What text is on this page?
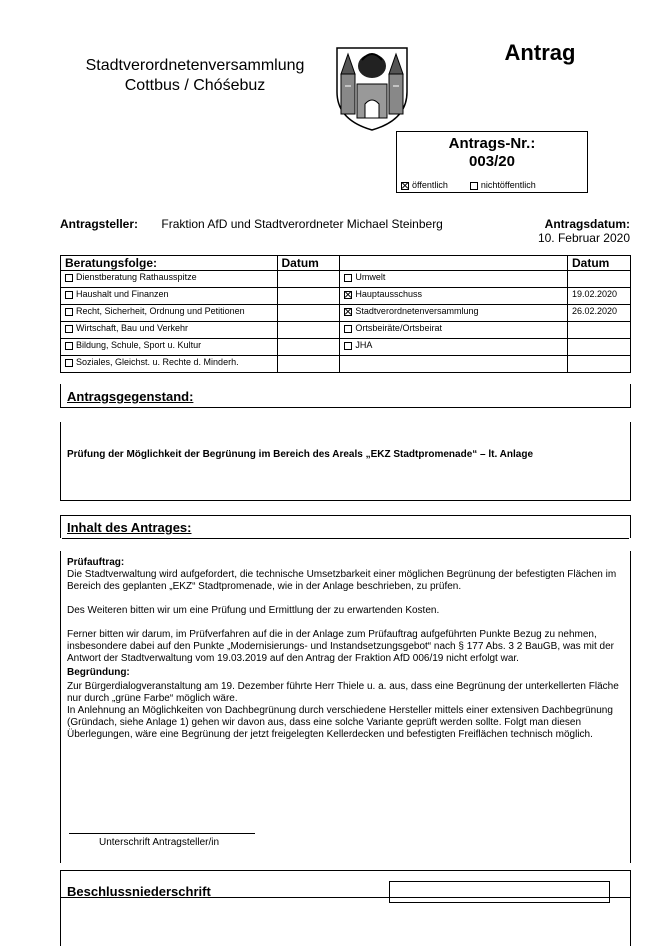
Stadtverordnetenversammlung
Cottbus / Chóśebuz
Antrag
Antrags-Nr.:
003/20
öffentlich	nichtöffentlich
Antragsteller: Fraktion AfD und Stadtverordneter Michael Steinberg	Antragsdatum:
10. Februar 2020
Beratungsfolge:	Datum		Datum
Dienstberatung Rathausspitze		Umwelt	
Haushalt und Finanzen		Hauptausschuss	19.02.2020
Recht, Sicherheit, Ordnung und Petitionen		Stadtverordnetenversammlung	26.02.2020
Wirtschaft, Bau und Verkehr		Ortsbeiräte/Ortsbeirat	
Bildung, Schule, Sport u. Kultur		JHA	
Soziales, Gleichst. u. Rechte d. Minderh.			
Antragsgegenstand:
Prüfung der Möglichkeit der Begrünung im Bereich des Areals „EKZ Stadtpromenade“ – lt. Anlage
Inhalt des Antrages:
Prüfauftrag:

Die Stadtverwaltung wird aufgefordert, die technische Umsetzbarkeit einer möglichen Begrünung der befestigten Flächen im Bereich des geplanten „EKZ“ Stadtpromenade, wie in der Anlage beschrieben, zu prüfen.

Des Weiteren bitten wir um eine Prüfung und Ermittlung der zu erwartenden Kosten.

Ferner bitten wir darum, im Prüfverfahren auf die in der Anlage zum Prüfauftrag aufgeführten Punkte Bezug zu nehmen, insbesondere dabei auf den Punkte „Modernisierungs- und Instandsetzungsgebot“ nach § 177 Abs. 3 2 BauGB, was mit der Antwort der Stadtverwaltung vom 19.03.2019 auf den Antrag der Fraktion AfD 006/19 nicht erfolgt war.

Begründung:
Zur Bürgerdialogveranstaltung am 19. Dezember führte Herr Thiele u. a. aus, dass eine Begrünung der unterkellerten Fläche nur durch „grüne Farbe“ möglich wäre.
In Anlehnung an Möglichkeiten von Dachbegrünung durch verschiedene Hersteller mittels einer extensiven Dachbegrünung (Gründach, siehe Anlage 1) gehen wir davon aus, dass eine solche Variante geprüft werden sollte. Folgt man diesen Überlegungen, wäre eine Begrünung der jetzt freigelegten Kellerdecken und befestigten Freiflächen technisch möglich.
Unterschrift Antragsteller/in
Beschlussniederschrift
